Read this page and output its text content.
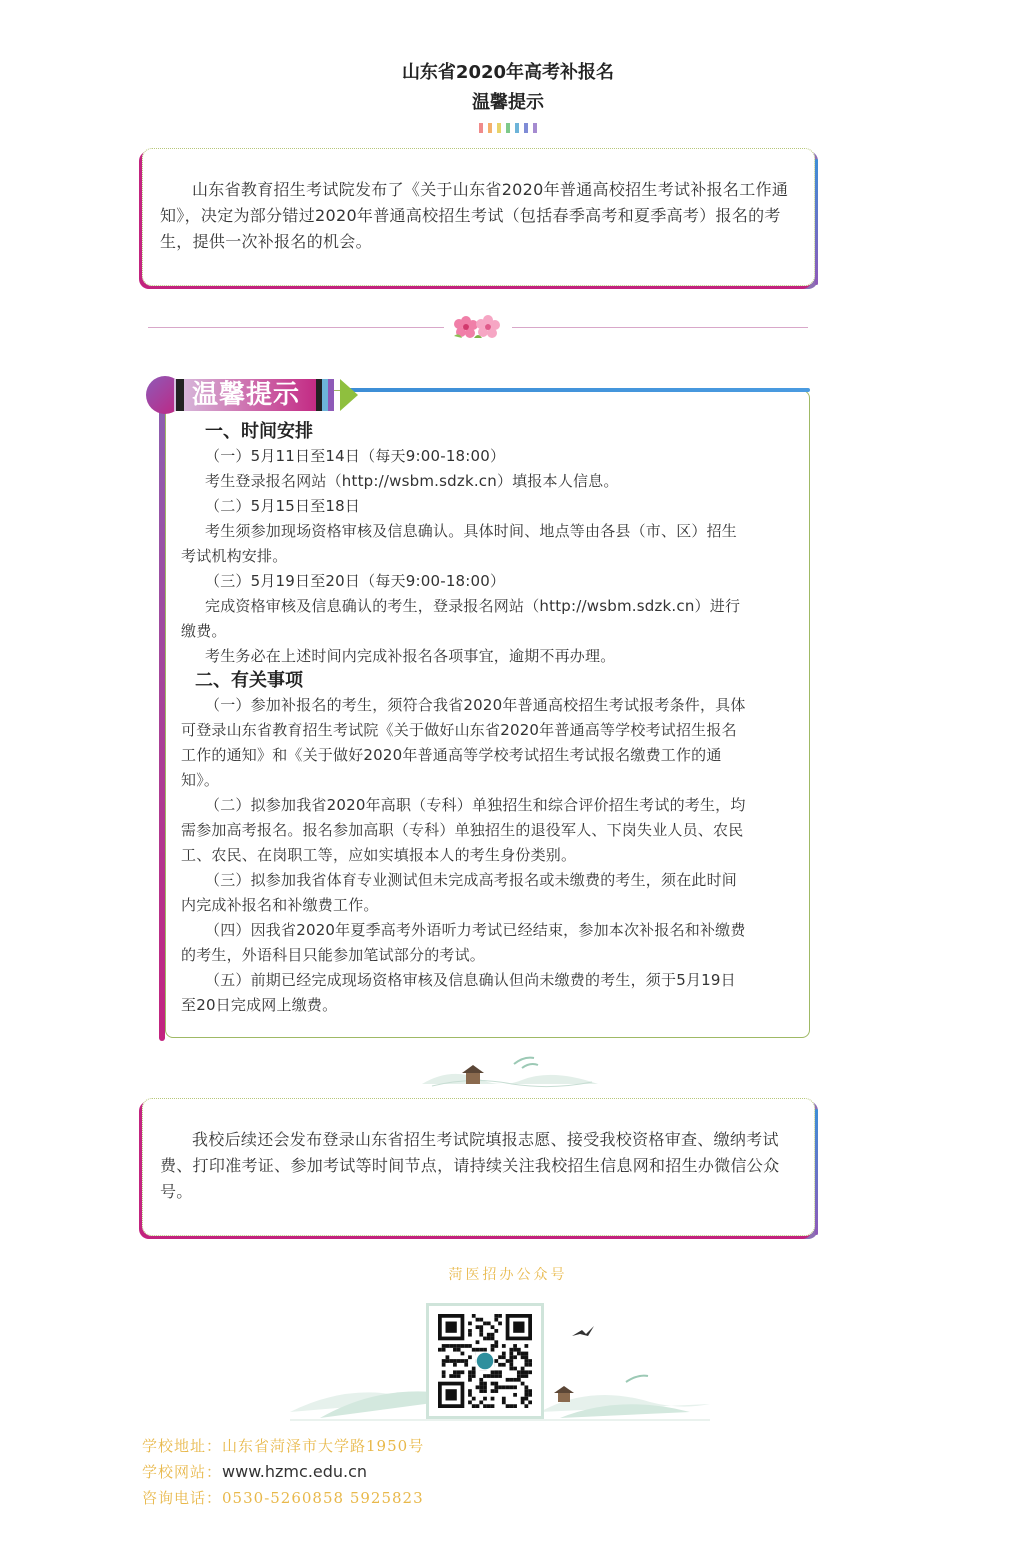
山东省2020年高考补报名
温馨提示

山东省教育招生考试院发布了《关于山东省2020年普通高校招生考试补报名工作通知》，决定为部分错过2020年普通高校招生考试（包括春季高考和夏季高考）报名的考生，提供一次补报名的机会。

温馨提示
一、时间安排
（一）5月11日至14日（每天9:00-18:00）
考生登录报名网站（http://wsbm.sdzk.cn）填报本人信息。
（二）5月15日至18日
考生须参加现场资格审核及信息确认。具体时间、地点等由各县（市、区）招生
考试机构安排。
（三）5月19日至20日（每天9:00-18:00）
完成资格审核及信息确认的考生，登录报名网站（http://wsbm.sdzk.cn）进行
缴费。
考生务必在上述时间内完成补报名各项事宜，逾期不再办理。
二、有关事项
（一）参加补报名的考生，须符合我省2020年普通高校招生考试报考条件，具体
可登录山东省教育招生考试院《关于做好山东省2020年普通高等学校考试招生报名
工作的通知》和《关于做好2020年普通高等学校考试招生考试报名缴费工作的通
知》。
（二）拟参加我省2020年高职（专科）单独招生和综合评价招生考试的考生，均
需参加高考报名。报名参加高职（专科）单独招生的退役军人、下岗失业人员、农民
工、农民、在岗职工等，应如实填报本人的考生身份类别。
（三）拟参加我省体育专业测试但未完成高考报名或未缴费的考生，须在此时间
内完成补报名和补缴费工作。
（四）因我省2020年夏季高考外语听力考试已经结束，参加本次补报名和补缴费
的考生，外语科目只能参加笔试部分的考试。
（五）前期已经完成现场资格审核及信息确认但尚未缴费的考生，须于5月19日
至20日完成网上缴费。

我校后续还会发布登录山东省招生考试院填报志愿、接受我校资格审查、缴纳考试费、打印准考证、参加考试等时间节点，请持续关注我校招生信息网和招生办微信公众号。

菏医招办公众号
学校地址：山东省菏泽市大学路1950号
学校网站：www.hzmc.edu.cn
咨询电话：0530-5260858 5925823
